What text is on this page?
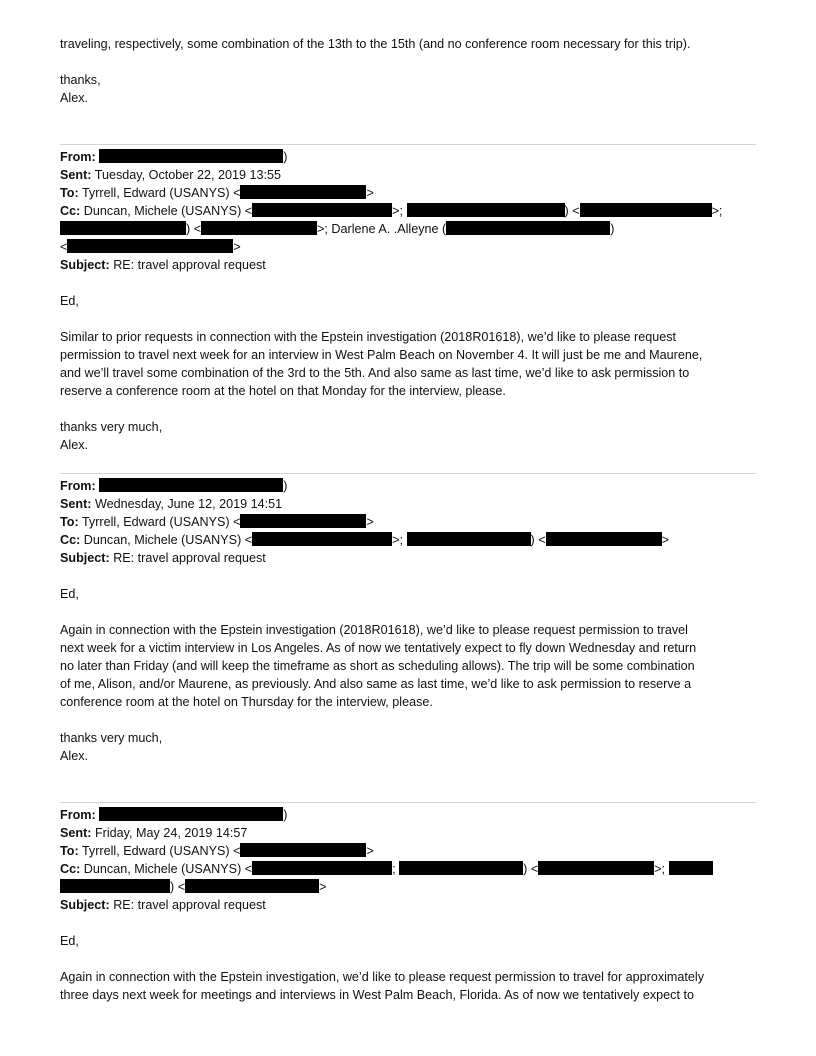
traveling, respectively, some combination of the 13th to the 15th (and no conference room necessary for this trip).
thanks,
Alex.
From:	)
Sent: Tuesday, October 22, 2019 13:55
To: Tyrrell, Edward (USANYS) <	>
Cc: Duncan, Michele (USANYS) <	>;	) <	>;
) <	>; Darlene A. .Alleyne (	)
<	>
Subject: RE: travel approval request
Ed,
Similar to prior requests in connection with the Epstein investigation (2018R01618), we’d like to please request
permission to travel next week for an interview in West Palm Beach on November 4. It will just be me and Maurene,
and we’ll travel some combination of the 3rd to the 5th. And also same as last time, we’d like to ask permission to
reserve a conference room at the hotel on that Monday for the interview, please.
thanks very much,
Alex.
From:	)
Sent: Wednesday, June 12, 2019 14:51
To: Tyrrell, Edward (USANYS) <	>
Cc: Duncan, Michele (USANYS) <	>;	) <	>
Subject: RE: travel approval request
Ed,
Again in connection with the Epstein investigation (2018R01618), we’d like to please request permission to travel
next week for a victim interview in Los Angeles. As of now we tentatively expect to fly down Wednesday and return
no later than Friday (and will keep the timeframe as short as scheduling allows). The trip will be some combination
of me, Alison, and/or Maurene, as previously. And also same as last time, we’d like to ask permission to reserve a
conference room at the hotel on Thursday for the interview, please.
thanks very much,
Alex.
From:	)
Sent: Friday, May 24, 2019 14:57
To: Tyrrell, Edward (USANYS) <	>
Cc: Duncan, Michele (USANYS) <	;	) <	>;
) <	>
Subject: RE: travel approval request
Ed,
Again in connection with the Epstein investigation, we’d like to please request permission to travel for approximately
three days next week for meetings and interviews in West Palm Beach, Florida. As of now we tentatively expect to
